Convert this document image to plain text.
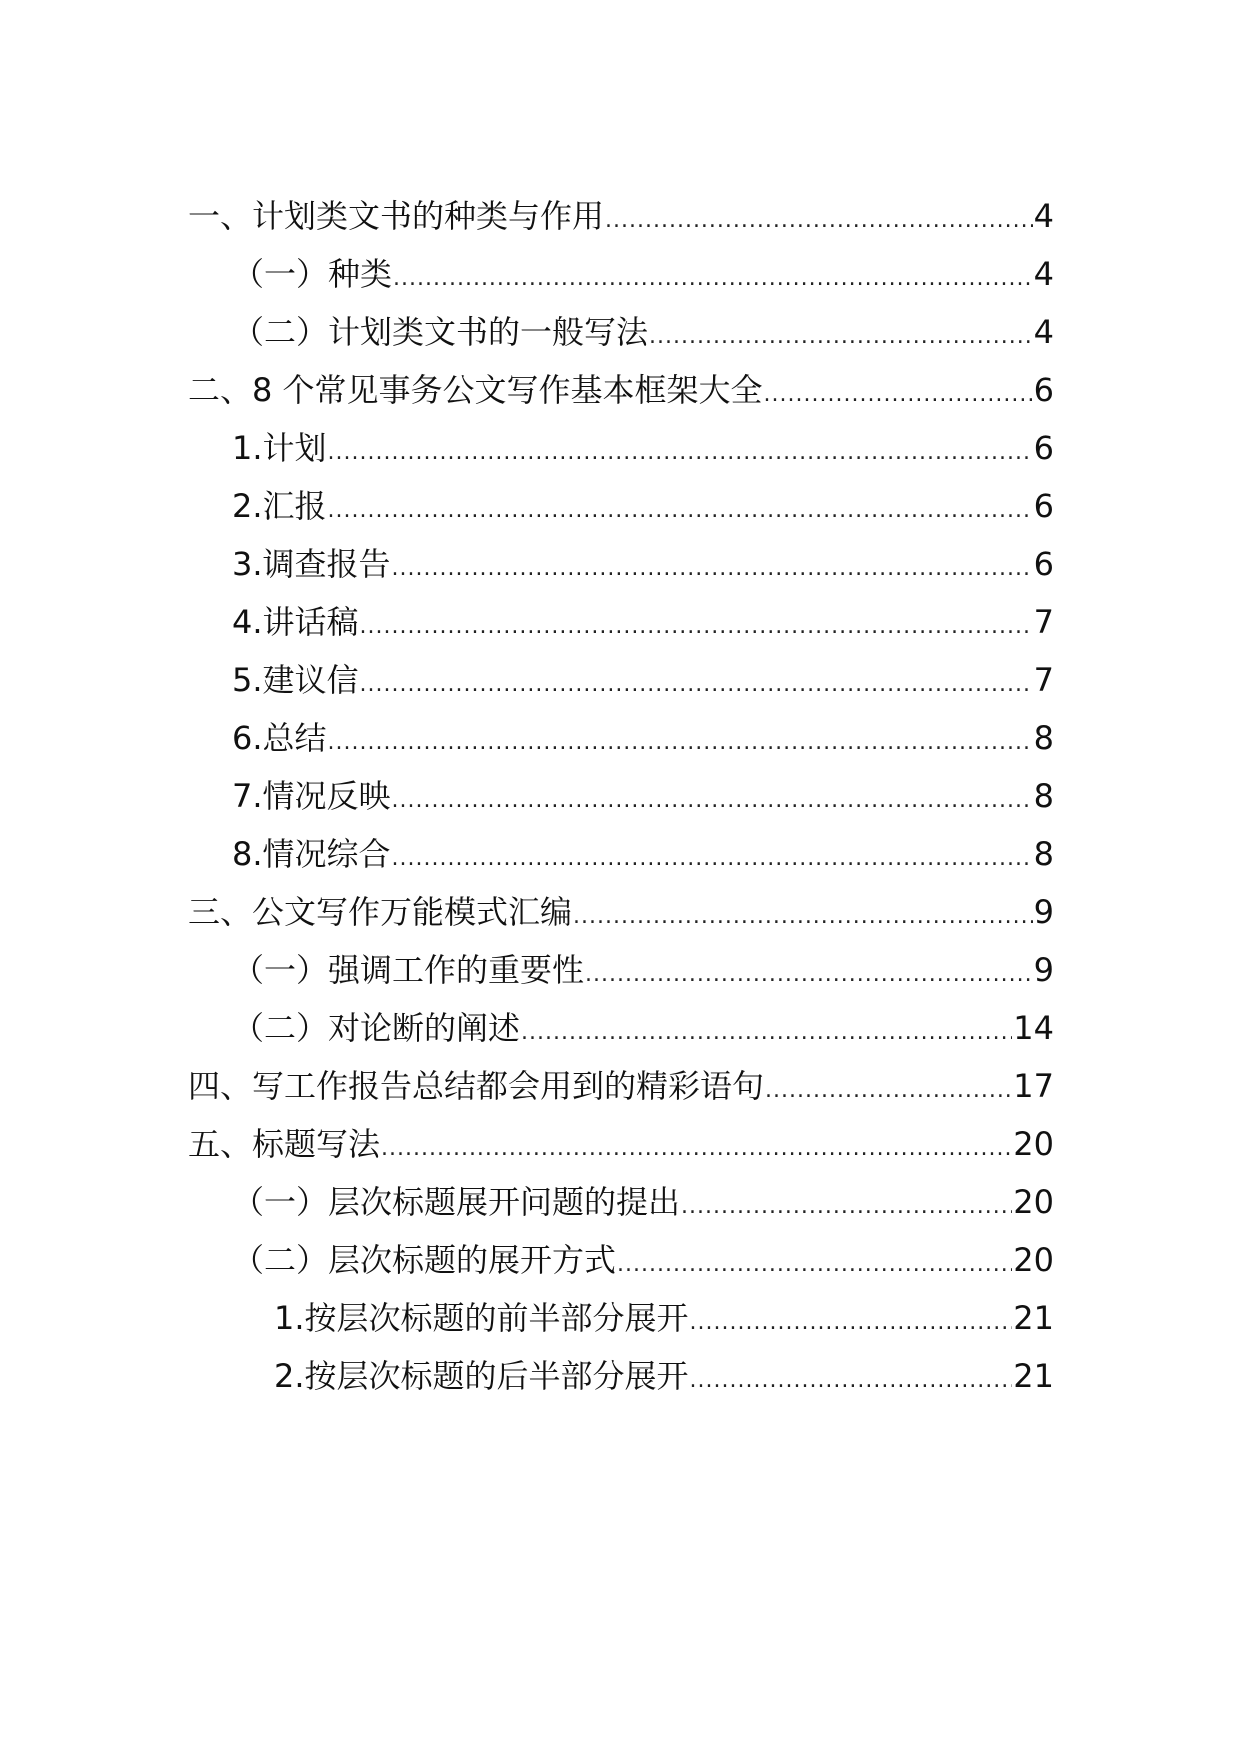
一、计划类文书的种类与作用 .....	4
（一）种类 .....	4
（二）计划类文书的一般写法 .....	4
二、8 个常见事务公文写作基本框架大全 .....	6
1.计划 .....	6
2.汇报 .....	6
3.调查报告 .....	6
4.讲话稿 .....	7
5.建议信 .....	7
6.总结 .....	8
7.情况反映 .....	8
8.情况综合 .....	8
三、公文写作万能模式汇编 .....	9
（一）强调工作的重要性 .....	9
（二）对论断的阐述 .....	14
四、写工作报告总结都会用到的精彩语句 .....	17
五、标题写法 .....	20
（一）层次标题展开问题的提出 .....	20
（二）层次标题的展开方式 .....	20
1.按层次标题的前半部分展开 .....	21
2.按层次标题的后半部分展开 .....	21
